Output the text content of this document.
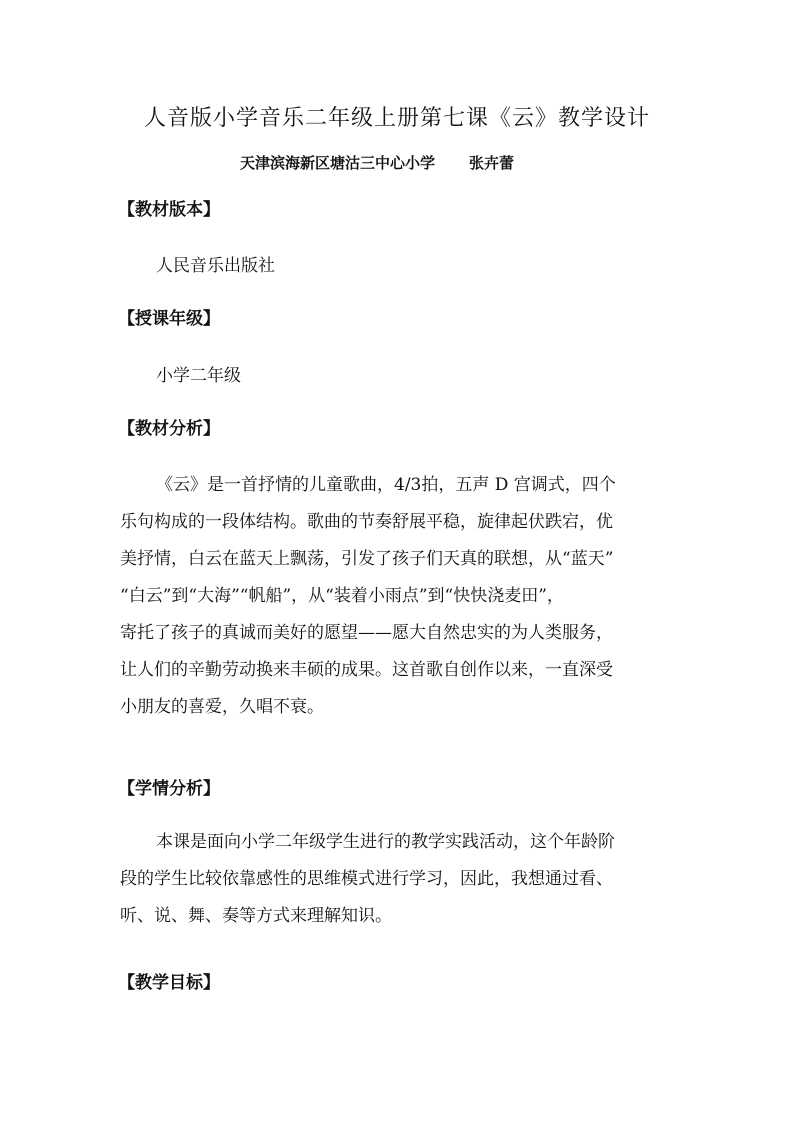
人音版小学音乐二年级上册第七课《云》教学设计
天津滨海新区塘沽三中心小学 张卉蕾
【教材版本】
人民音乐出版社
【授课年级】
小学二年级
【教材分析】
《云》是一首抒情的儿童歌曲，4/3拍，五声 D 宫调式，四个
乐句构成的一段体结构。歌曲的节奏舒展平稳，旋律起伏跌宕，优
美抒情，白云在蓝天上飘荡，引发了孩子们天真的联想，从“蓝天”
“白云”到“大海”“帆船”，从“装着小雨点”到“快快浇麦田”，
寄托了孩子的真诚而美好的愿望——愿大自然忠实的为人类服务，
让人们的辛勤劳动换来丰硕的成果。这首歌自创作以来，一直深受
小朋友的喜爱，久唱不衰。
【学情分析】
本课是面向小学二年级学生进行的教学实践活动，这个年龄阶
段的学生比较依靠感性的思维模式进行学习，因此，我想通过看、
听、说、舞、奏等方式来理解知识。
【教学目标】
